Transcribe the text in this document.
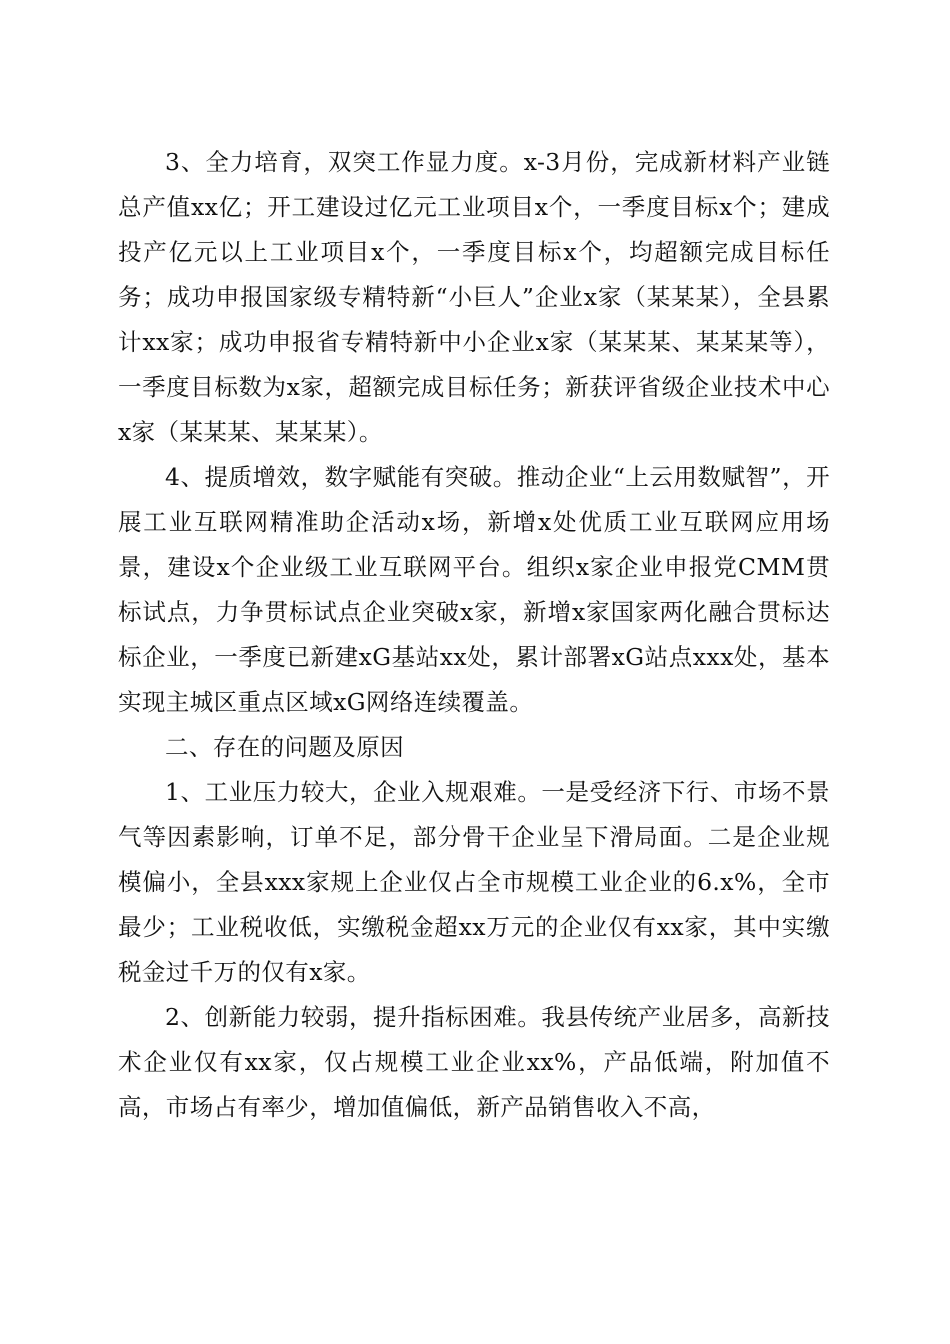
3、全力培育，双突工作显力度。x-3月份，完成新材料产业链总产值xx亿；开工建设过亿元工业项目x个，一季度目标x个；建成投产亿元以上工业项目x个，一季度目标x个，均超额完成目标任务；成功申报国家级专精特新“小巨人”企业x家（某某某），全县累计xx家；成功申报省专精特新中小企业x家（某某某、某某某等），一季度目标数为x家，超额完成目标任务；新获评省级企业技术中心x家（某某某、某某某）。

4、提质增效，数字赋能有突破。推动企业“上云用数赋智”，开展工业互联网精准助企活动x场，新增x处优质工业互联网应用场景，建设x个企业级工业互联网平台。组织x家企业申报党CMM贯标试点，力争贯标试点企业突破x家，新增x家国家两化融合贯标达标企业，一季度已新建xG基站xx处，累计部署xG站点xxx处，基本实现主城区重点区域xG网络连续覆盖。

二、存在的问题及原因

1、工业压力较大，企业入规艰难。一是受经济下行、市场不景气等因素影响，订单不足，部分骨干企业呈下滑局面。二是企业规模偏小，全县xxx家规上企业仅占全市规模工业企业的6.x%，全市最少；工业税收低，实缴税金超xx万元的企业仅有xx家，其中实缴税金过千万的仅有x家。

2、创新能力较弱，提升指标困难。我县传统产业居多，高新技术企业仅有xx家，仅占规模工业企业xx%，产品低端，附加值不高，市场占有率少，增加值偏低，新产品销售收入不高，
